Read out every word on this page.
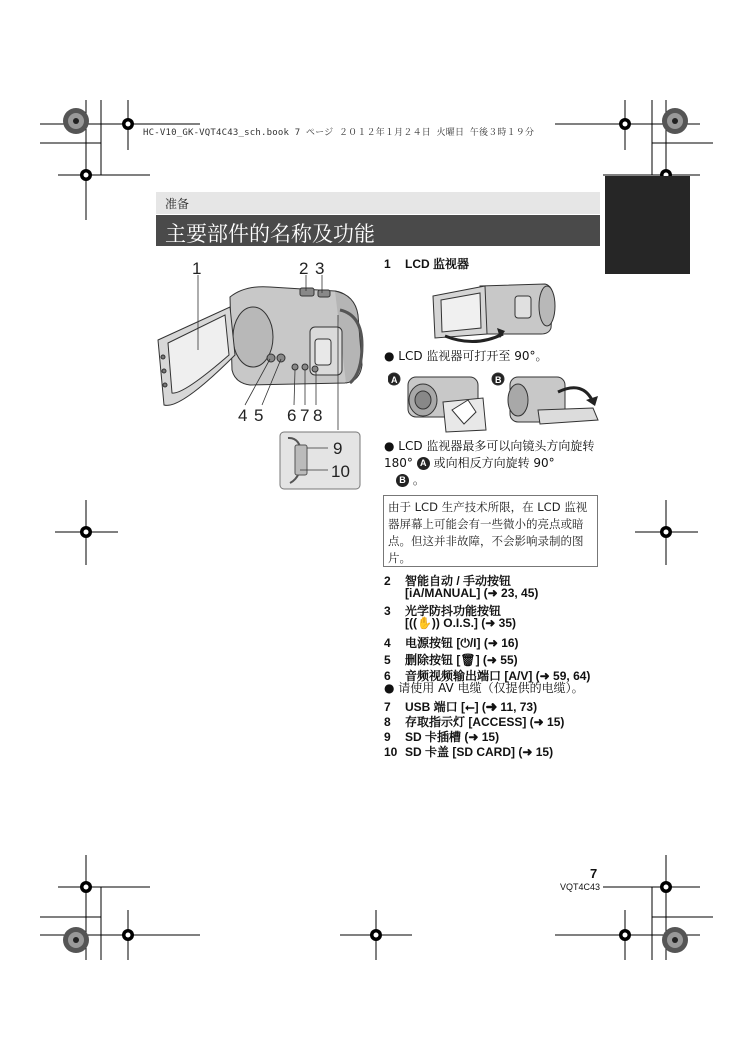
HC-V10_GK-VQT4C43_sch.book 7 ページ ２０１２年１月２４日 火曜日 午後３時１９分
准备
主要部件的名称及功能
1	2 3
4 5 6 7 8
9
10
1 LCD 监视器
● LCD 监视器可打开至 90°。
A	B
● LCD 监视器最多可以向镜头方向旋转 180° A 或向相反方向旋转 90°
B 。
由于 LCD 生产技术所限，在 LCD 监视器屏幕上可能会有一些微小的亮点或暗点。但这并非故障，不会影响录制的图片。
2 智能自动 / 手动按钮
[iA/MANUAL] (➜ 23, 45)
3 光学防抖功能按钮
[((✋)) O.I.S.] (➜ 35)
4 电源按钮 [⏻/I] (➜ 16)
5 删除按钮 [🗑] (➜ 55)
6 音频视频输出端口 [A/V] (➜ 59, 64)
● 请使用 AV 电缆（仅提供的电缆）。
7 USB 端口 [⭠] (➜ 11, 73)
8 存取指示灯 [ACCESS] (➜ 15)
9 SD 卡插槽 (➜ 15)
10 SD 卡盖 [SD CARD] (➜ 15)
7
VQT4C43
